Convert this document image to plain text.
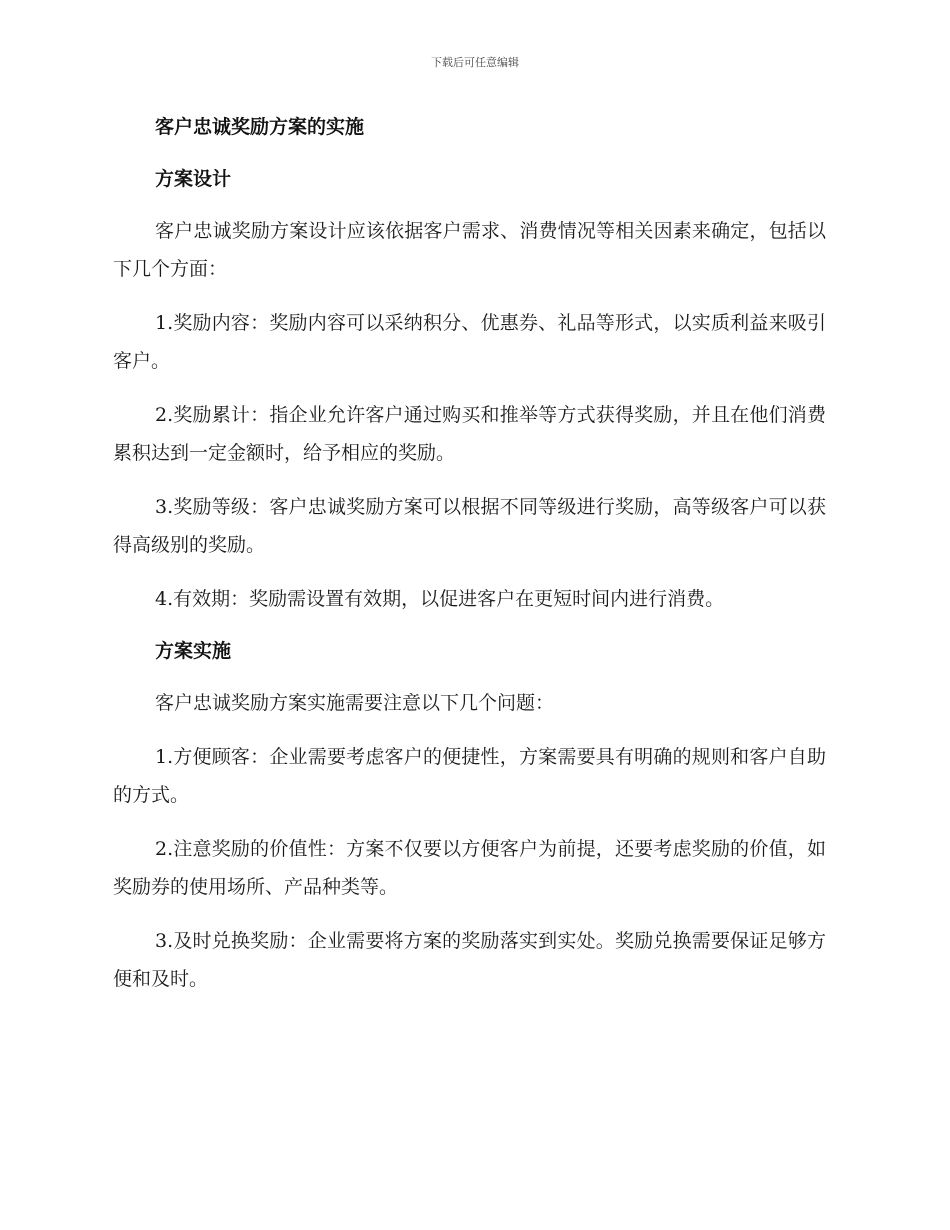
下载后可任意编辑
客户忠诚奖励方案的实施
方案设计

客户忠诚奖励方案设计应该依据客户需求、消费情况等相关因素来确定，包括以下几个方面：

1.奖励内容：奖励内容可以采纳积分、优惠券、礼品等形式，以实质利益来吸引客户。

2.奖励累计：指企业允许客户通过购买和推举等方式获得奖励，并且在他们消费累积达到一定金额时，给予相应的奖励。

3.奖励等级：客户忠诚奖励方案可以根据不同等级进行奖励，高等级客户可以获得高级别的奖励。

4.有效期：奖励需设置有效期，以促进客户在更短时间内进行消费。

方案实施

客户忠诚奖励方案实施需要注意以下几个问题：

1.方便顾客：企业需要考虑客户的便捷性，方案需要具有明确的规则和客户自助的方式。

2.注意奖励的价值性：方案不仅要以方便客户为前提，还要考虑奖励的价值，如奖励券的使用场所、产品种类等。

3.及时兑换奖励：企业需要将方案的奖励落实到实处。奖励兑换需要保证足够方便和及时。
